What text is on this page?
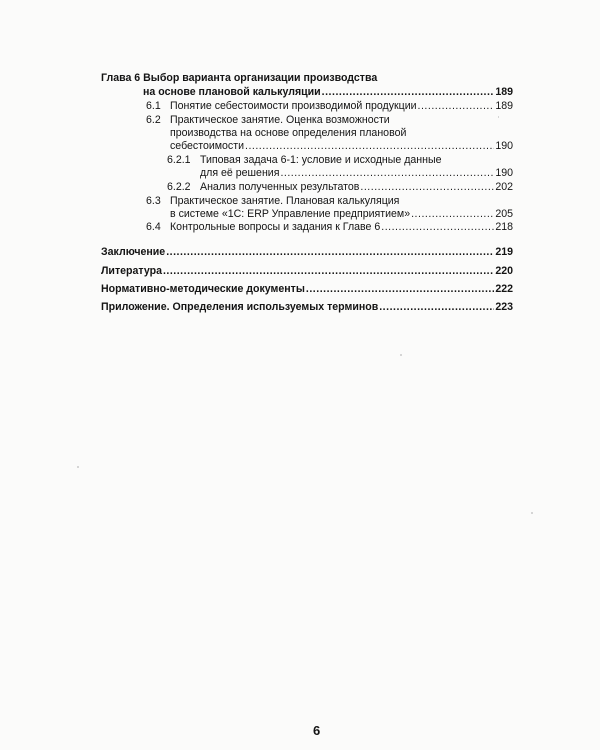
Глава 6 Выбор варианта организации производства
на основе плановой калькуляции .....	189
6.1 Понятие себестоимости производимой продукции .....	189
6.2 Практическое занятие. Оценка возможности
производства на основе определения плановой
себестоимости .....	190
6.2.1 Типовая задача 6-1: условие и исходные данные
для её решения .....	190
6.2.2 Анализ полученных результатов .....	202
6.3 Практическое занятие. Плановая калькуляция
в системе «1С: ERP Управление предприятием» .....	205
6.4 Контрольные вопросы и задания к Главе 6 .....	218
Заключение .....	219
Литература .....	220
Нормативно-методические документы .....	222
Приложение. Определения используемых терминов .....	223
6
